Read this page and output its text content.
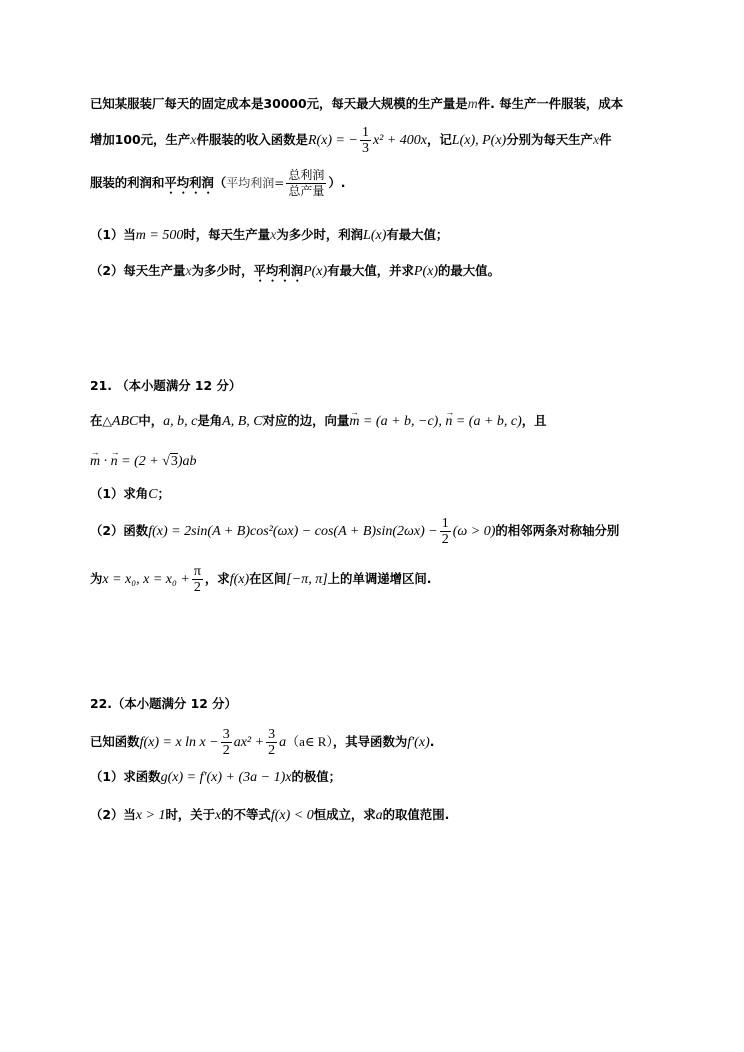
已知某服装厂每天的固定成本是30000元，每天最大规模的生产量是m件. 每生产一件服装，成本
增加100元，生产x件服装的收入函数是R(x) = − $\frac{1}{3} x^2 + 400x$，记L(x), P(x)分别为每天生产x件
服装的利润和平均利润（平均利润= $\frac{\text{总利润}}{\text{总产量}}$ ）.
（1）当m = 500时，每天生产量x为多少时，利润L(x)有最大值；
（2）每天生产量x为多少时，平均利润P(x)有最大值，并求P(x)的最大值。
21. （本小题满分 12 分）
在△ABC中，a, b, c是角A, B, C对应的边，向量→ m = (a + b, −c), → n = (a + b, c)，且
→ m · → n = (2 + √3)ab
（1）求角C；
（2）函数$f(x) = 2\sin(A + B)\cos^2(\omega x) - \cos(A + B)\sin(2\omega x) - \frac{1}{2} (\omega > 0)$的相邻两条对称轴分别
为x = x₀, $x = x_0 + \frac{\pi}{2}$ ，求f(x)在区间[−π, π]上的单调递增区间.
22.（本小题满分 12 分）
已知函数f(x) = x $\ln x - \frac{3}{2} ax^2 + \frac{3}{2}$ a（a∈ R），其导函数为f′(x).
（1）求函数g(x) = f′(x) + (3a − 1)x的极值；
（2）当x > 1时，关于x的不等式f(x) < 0恒成立，求a的取值范围.
